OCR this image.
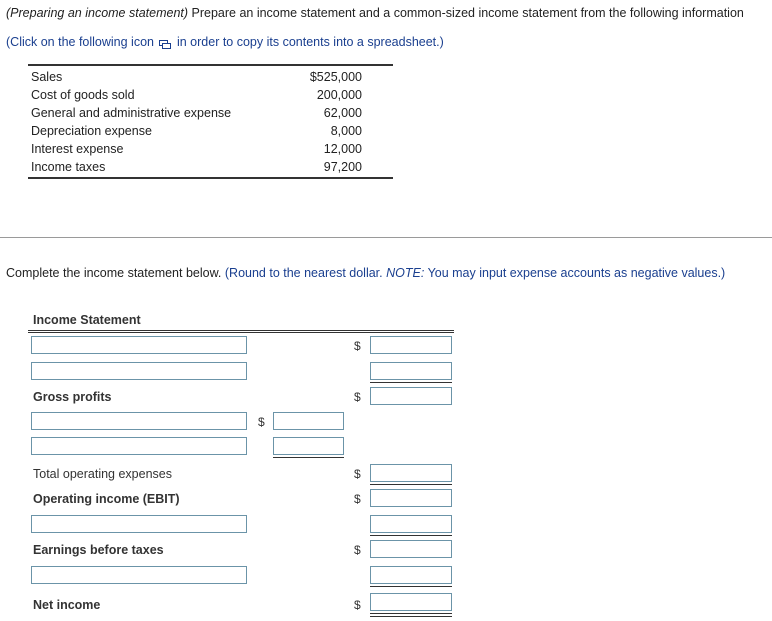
(Preparing an income statement) Prepare an income statement and a common-sized income statement from the following information
(Click on the following icon in order to copy its contents into a spreadsheet.)
Sales	$525,000
Cost of goods sold	200,000
General and administrative expense	62,000
Depreciation expense	8,000
Interest expense	12,000
Income taxes	97,200
Complete the income statement below. (Round to the nearest dollar. NOTE: You may input expense accounts as negative values.)
Income Statement
$
Gross profits	$
$
Total operating expenses	$
Operating income (EBIT)	$
Earnings before taxes	$
Net income	$
